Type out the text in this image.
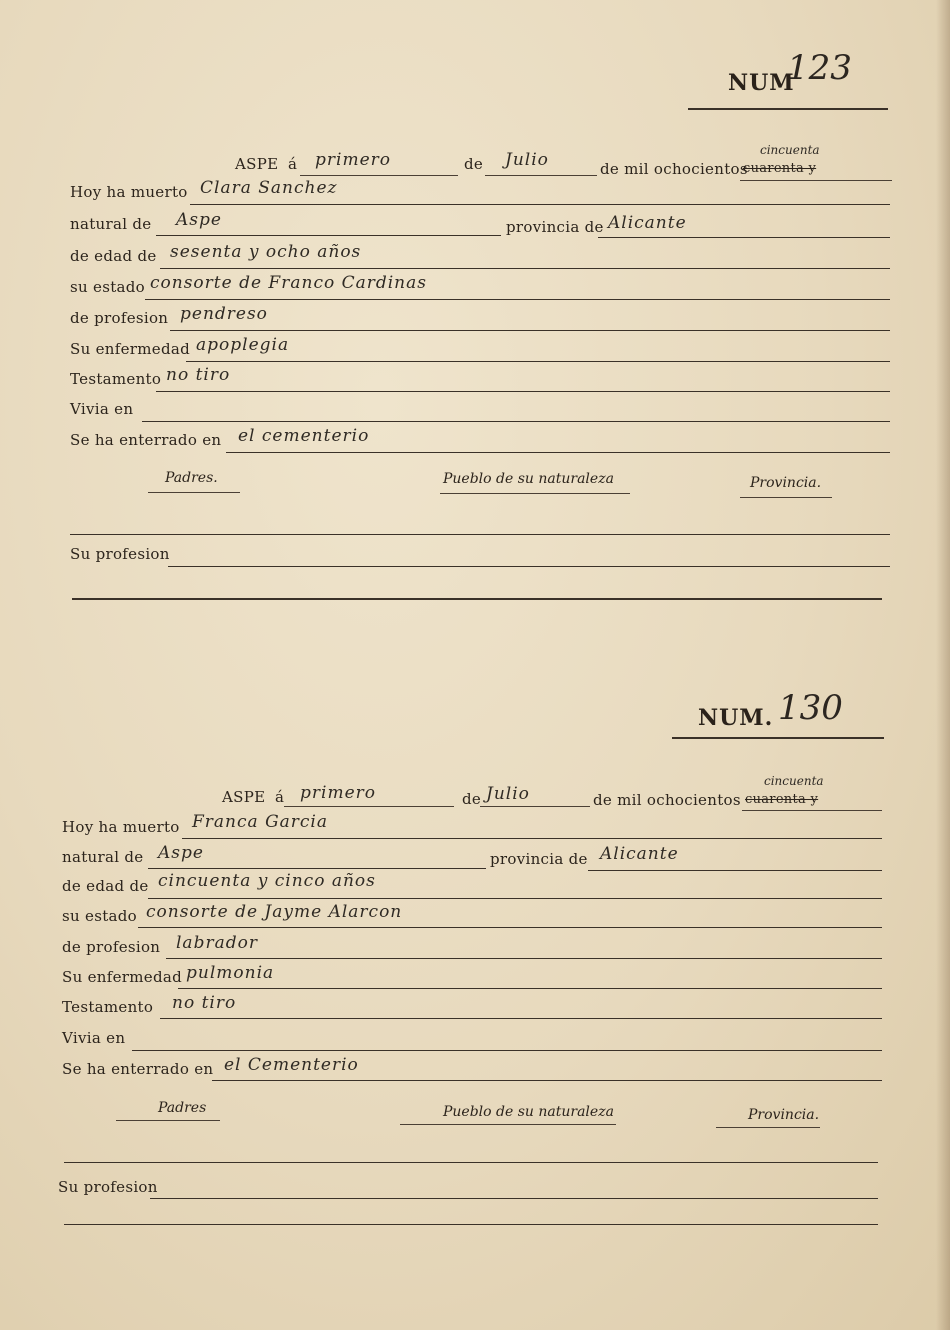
NUM
123
ASPE á primero	de Julio	de mil ochocientos
cuarenta y
cincuenta
Hoy ha muerto Clara Sanchez
natural de Aspe	provincia de Alicante
de edad de sesenta y ocho años
su estado consorte de Franco Cardinas
de profesion pendreso
Su enfermedad apoplegia
Testamento no tiro
Vivia en
Se ha enterrado en el cementerio
Padres.	Pueblo de su naturaleza	Provincia.
Su profesion
NUM. 130
ASPE á primero	de Julio	de mil ochocientos cuarenta y
cincuenta
Hoy ha muerto Franca Garcia
natural de Aspe	provincia de Alicante
de edad de cincuenta y cinco años
su estado consorte de Jayme Alarcon
de profesion labrador
Su enfermedad pulmonia
Testamento no tiro
Vivia en
Se ha enterrado en el Cementerio
Padres	Pueblo de su naturaleza	Provincia.
Su profesion
